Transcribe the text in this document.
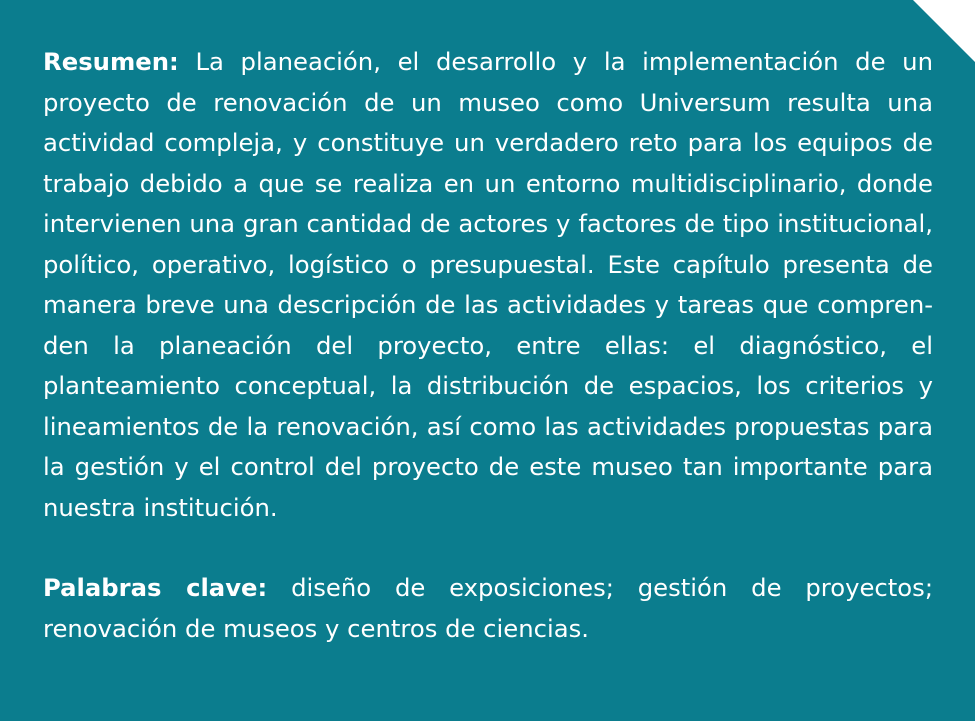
Resumen: La planeación, el desarrollo y la implementación de un proyecto de renovación de un museo como Universum resulta una actividad compleja, y constituye un verdadero reto para los equipos de trabajo debido a que se realiza en un entorno multidisciplinario, donde intervienen una gran cantidad de actores y factores de tipo institucional, político, operativo, logístico o presupuestal. Este capítulo presenta de manera breve una descripción de las actividades y tareas que comprenden la planeación del proyecto, entre ellas: el diagnóstico, el planteamiento conceptual, la distribución de espacios, los criterios y lineamientos de la renovación, así como las actividades propuestas para la gestión y el control del proyecto de este museo tan importante para nuestra institución.

Palabras clave: diseño de exposiciones; gestión de proyectos; renovación de museos y centros de ciencias.
